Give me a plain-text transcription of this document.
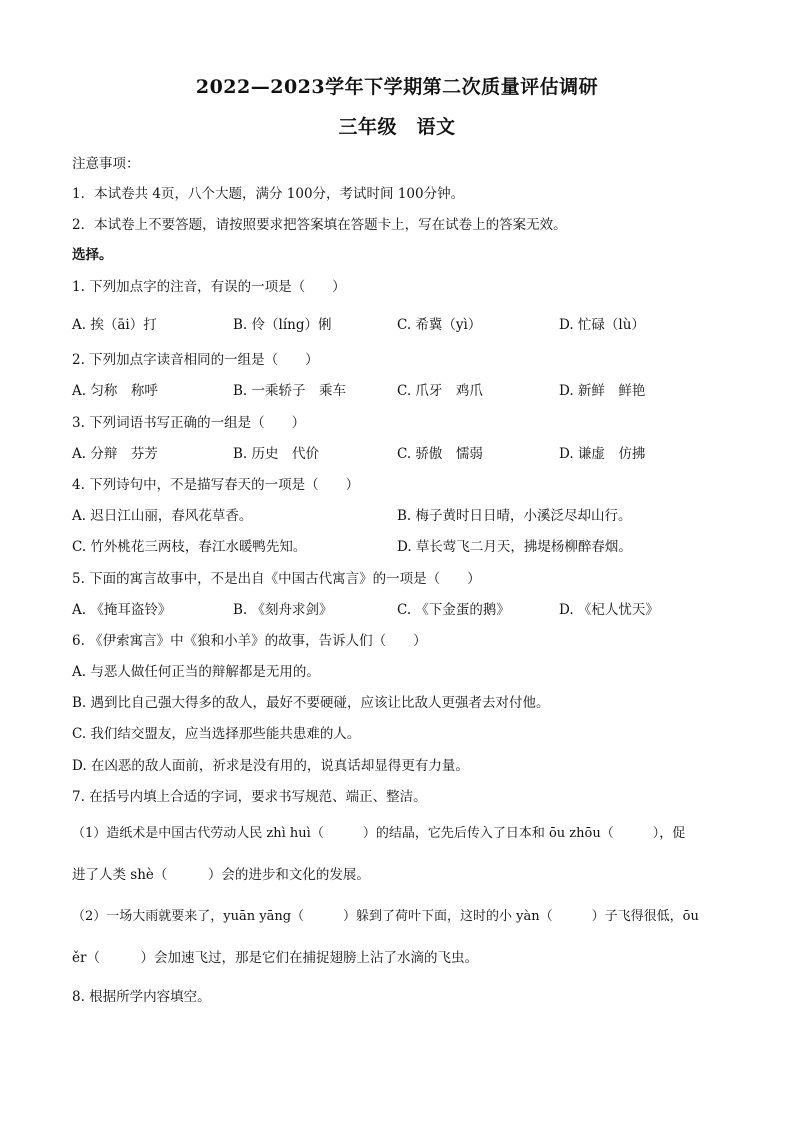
2022—2023学年下学期第二次质量评估调研
三年级　语文
注意事项：
1．本试卷共 4页，八个大题，满分 100分，考试时间 100分钟。
2．本试卷上不要答题，请按照要求把答案填在答题卡上，写在试卷上的答案无效。
选择。
1. 下列加点字的注音，有误的一项是（　　）
A. 挨（āi）打	B. 伶（líng）俐	C. 希冀（yì）	D. 忙碌（lù）
2. 下列加点字读音相同的一组是（　　）
A. 匀称　称呼	B. 一乘轿子　乘车	C. 爪牙　鸡爪	D. 新鲜　鲜艳
3. 下列词语书写正确的一组是（　　）
A. 分辩　芬芳	B. 历史　代价	C. 骄傲　懦弱	D. 谦虚　仿拂
4. 下列诗句中，不是描写春天的一项是（　　）
A. 迟日江山丽，春风花草香。	B. 梅子黄时日日晴，小溪泛尽却山行。
C. 竹外桃花三两枝，春江水暖鸭先知。	D. 草长莺飞二月天，拂堤杨柳醉春烟。
5. 下面的寓言故事中，不是出自《中国古代寓言》的一项是（　　）
A. 《掩耳盗铃》	B. 《刻舟求剑》	C. 《下金蛋的鹅》	D. 《杞人忧天》
6. 《伊索寓言》中《狼和小羊》的故事，告诉人们（　　）
A. 与恶人做任何正当的辩解都是无用的。
B. 遇到比自己强大得多的敌人，最好不要硬碰，应该让比敌人更强者去对付他。
C. 我们结交盟友，应当选择那些能共患难的人。
D. 在凶恶的敌人面前，祈求是没有用的，说真话却显得更有力量。
7. 在括号内填上合适的字词，要求书写规范、端正、整洁。
（1）造纸术是中国古代劳动人民 zhì huì（　　　）的结晶，它先后传入了日本和 ōu zhōu（　　　），促
进了人类 shè（　　　）会的进步和文化的发展。
（2）一场大雨就要来了，yuān yāng（　　　）躲到了荷叶下面，这时的小 yàn（　　　）子飞得很低，ōu
ěr（　　　）会加速飞过，那是它们在捕捉翅膀上沾了水滴的飞虫。
8. 根据所学内容填空。
